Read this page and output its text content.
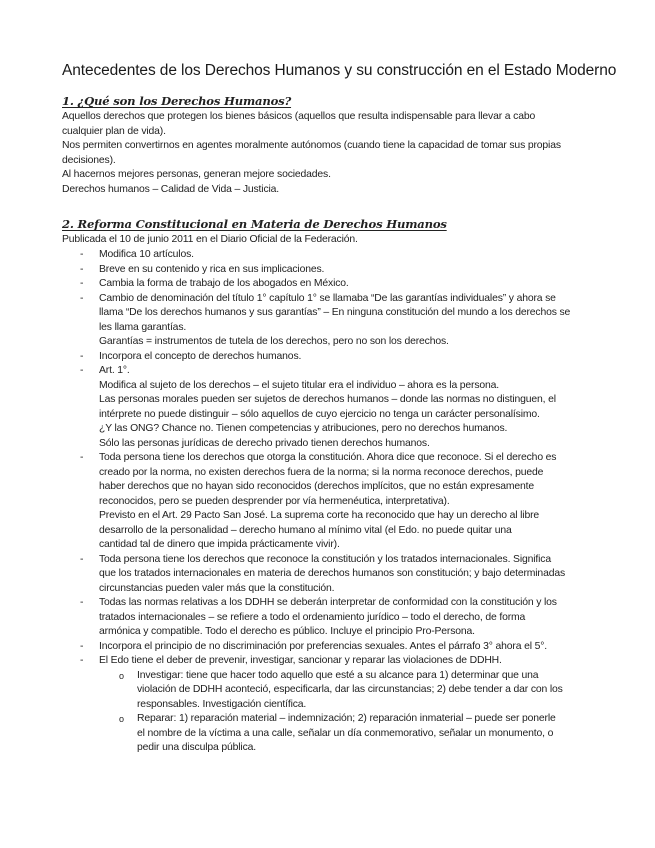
Antecedentes de los Derechos Humanos y su construcción en el Estado Moderno
1. ¿Qué son los Derechos Humanos?
Aquellos derechos que protegen los bienes básicos (aquellos que resulta indispensable para llevar a cabo
cualquier plan de vida).
Nos permiten convertirnos en agentes moralmente autónomos (cuando tiene la capacidad de tomar sus propias
decisiones).
Al hacernos mejores personas, generan mejore sociedades.
Derechos humanos – Calidad de Vida – Justicia.
2. Reforma Constitucional en Materia de Derechos Humanos
Publicada el 10 de junio 2011 en el Diario Oficial de la Federación.
- Modifica 10 artículos.
- Breve en su contenido y rica en sus implicaciones.
- Cambia la forma de trabajo de los abogados en México.
- Cambio de denominación del título 1° capítulo 1° se llamaba “De las garantías individuales” y ahora se
llama “De los derechos humanos y sus garantías” – En ninguna constitución del mundo a los derechos se
les llama garantías.
Garantías = instrumentos de tutela de los derechos, pero no son los derechos.
- Incorpora el concepto de derechos humanos.
- Art. 1°.
Modifica al sujeto de los derechos – el sujeto titular era el individuo – ahora es la persona.
Las personas morales pueden ser sujetos de derechos humanos – donde las normas no distinguen, el
intérprete no puede distinguir – sólo aquellos de cuyo ejercicio no tenga un carácter personalísimo.
¿Y las ONG? Chance no. Tienen competencias y atribuciones, pero no derechos humanos.
Sólo las personas jurídicas de derecho privado tienen derechos humanos.
- Toda persona tiene los derechos que otorga la constitución. Ahora dice que reconoce. Si el derecho es
creado por la norma, no existen derechos fuera de la norma; si la norma reconoce derechos, puede
haber derechos que no hayan sido reconocidos (derechos implícitos, que no están expresamente
reconocidos, pero se pueden desprender por vía hermenéutica, interpretativa).
Previsto en el Art. 29 Pacto San José. La suprema corte ha reconocido que hay un derecho al libre
desarrollo de la personalidad – derecho humano al mínimo vital (el Edo. no puede quitar una
cantidad tal de dinero que impida prácticamente vivir).
- Toda persona tiene los derechos que reconoce la constitución y los tratados internacionales. Significa
que los tratados internacionales en materia de derechos humanos son constitución; y bajo determinadas
circunstancias pueden valer más que la constitución.
- Todas las normas relativas a los DDHH se deberán interpretar de conformidad con la constitución y los
tratados internacionales – se refiere a todo el ordenamiento jurídico – todo el derecho, de forma
armónica y compatible. Todo el derecho es público. Incluye el principio Pro-Persona.
- Incorpora el principio de no discriminación por preferencias sexuales. Antes el párrafo 3° ahora el 5°.
- El Edo tiene el deber de prevenir, investigar, sancionar y reparar las violaciones de DDHH.
o Investigar: tiene que hacer todo aquello que esté a su alcance para 1) determinar que una
violación de DDHH aconteció, especificarla, dar las circunstancias; 2) debe tender a dar con los
responsables. Investigación científica.
o Reparar: 1) reparación material – indemnización; 2) reparación inmaterial – puede ser ponerle
el nombre de la víctima a una calle, señalar un día conmemorativo, señalar un monumento, o
pedir una disculpa pública.
